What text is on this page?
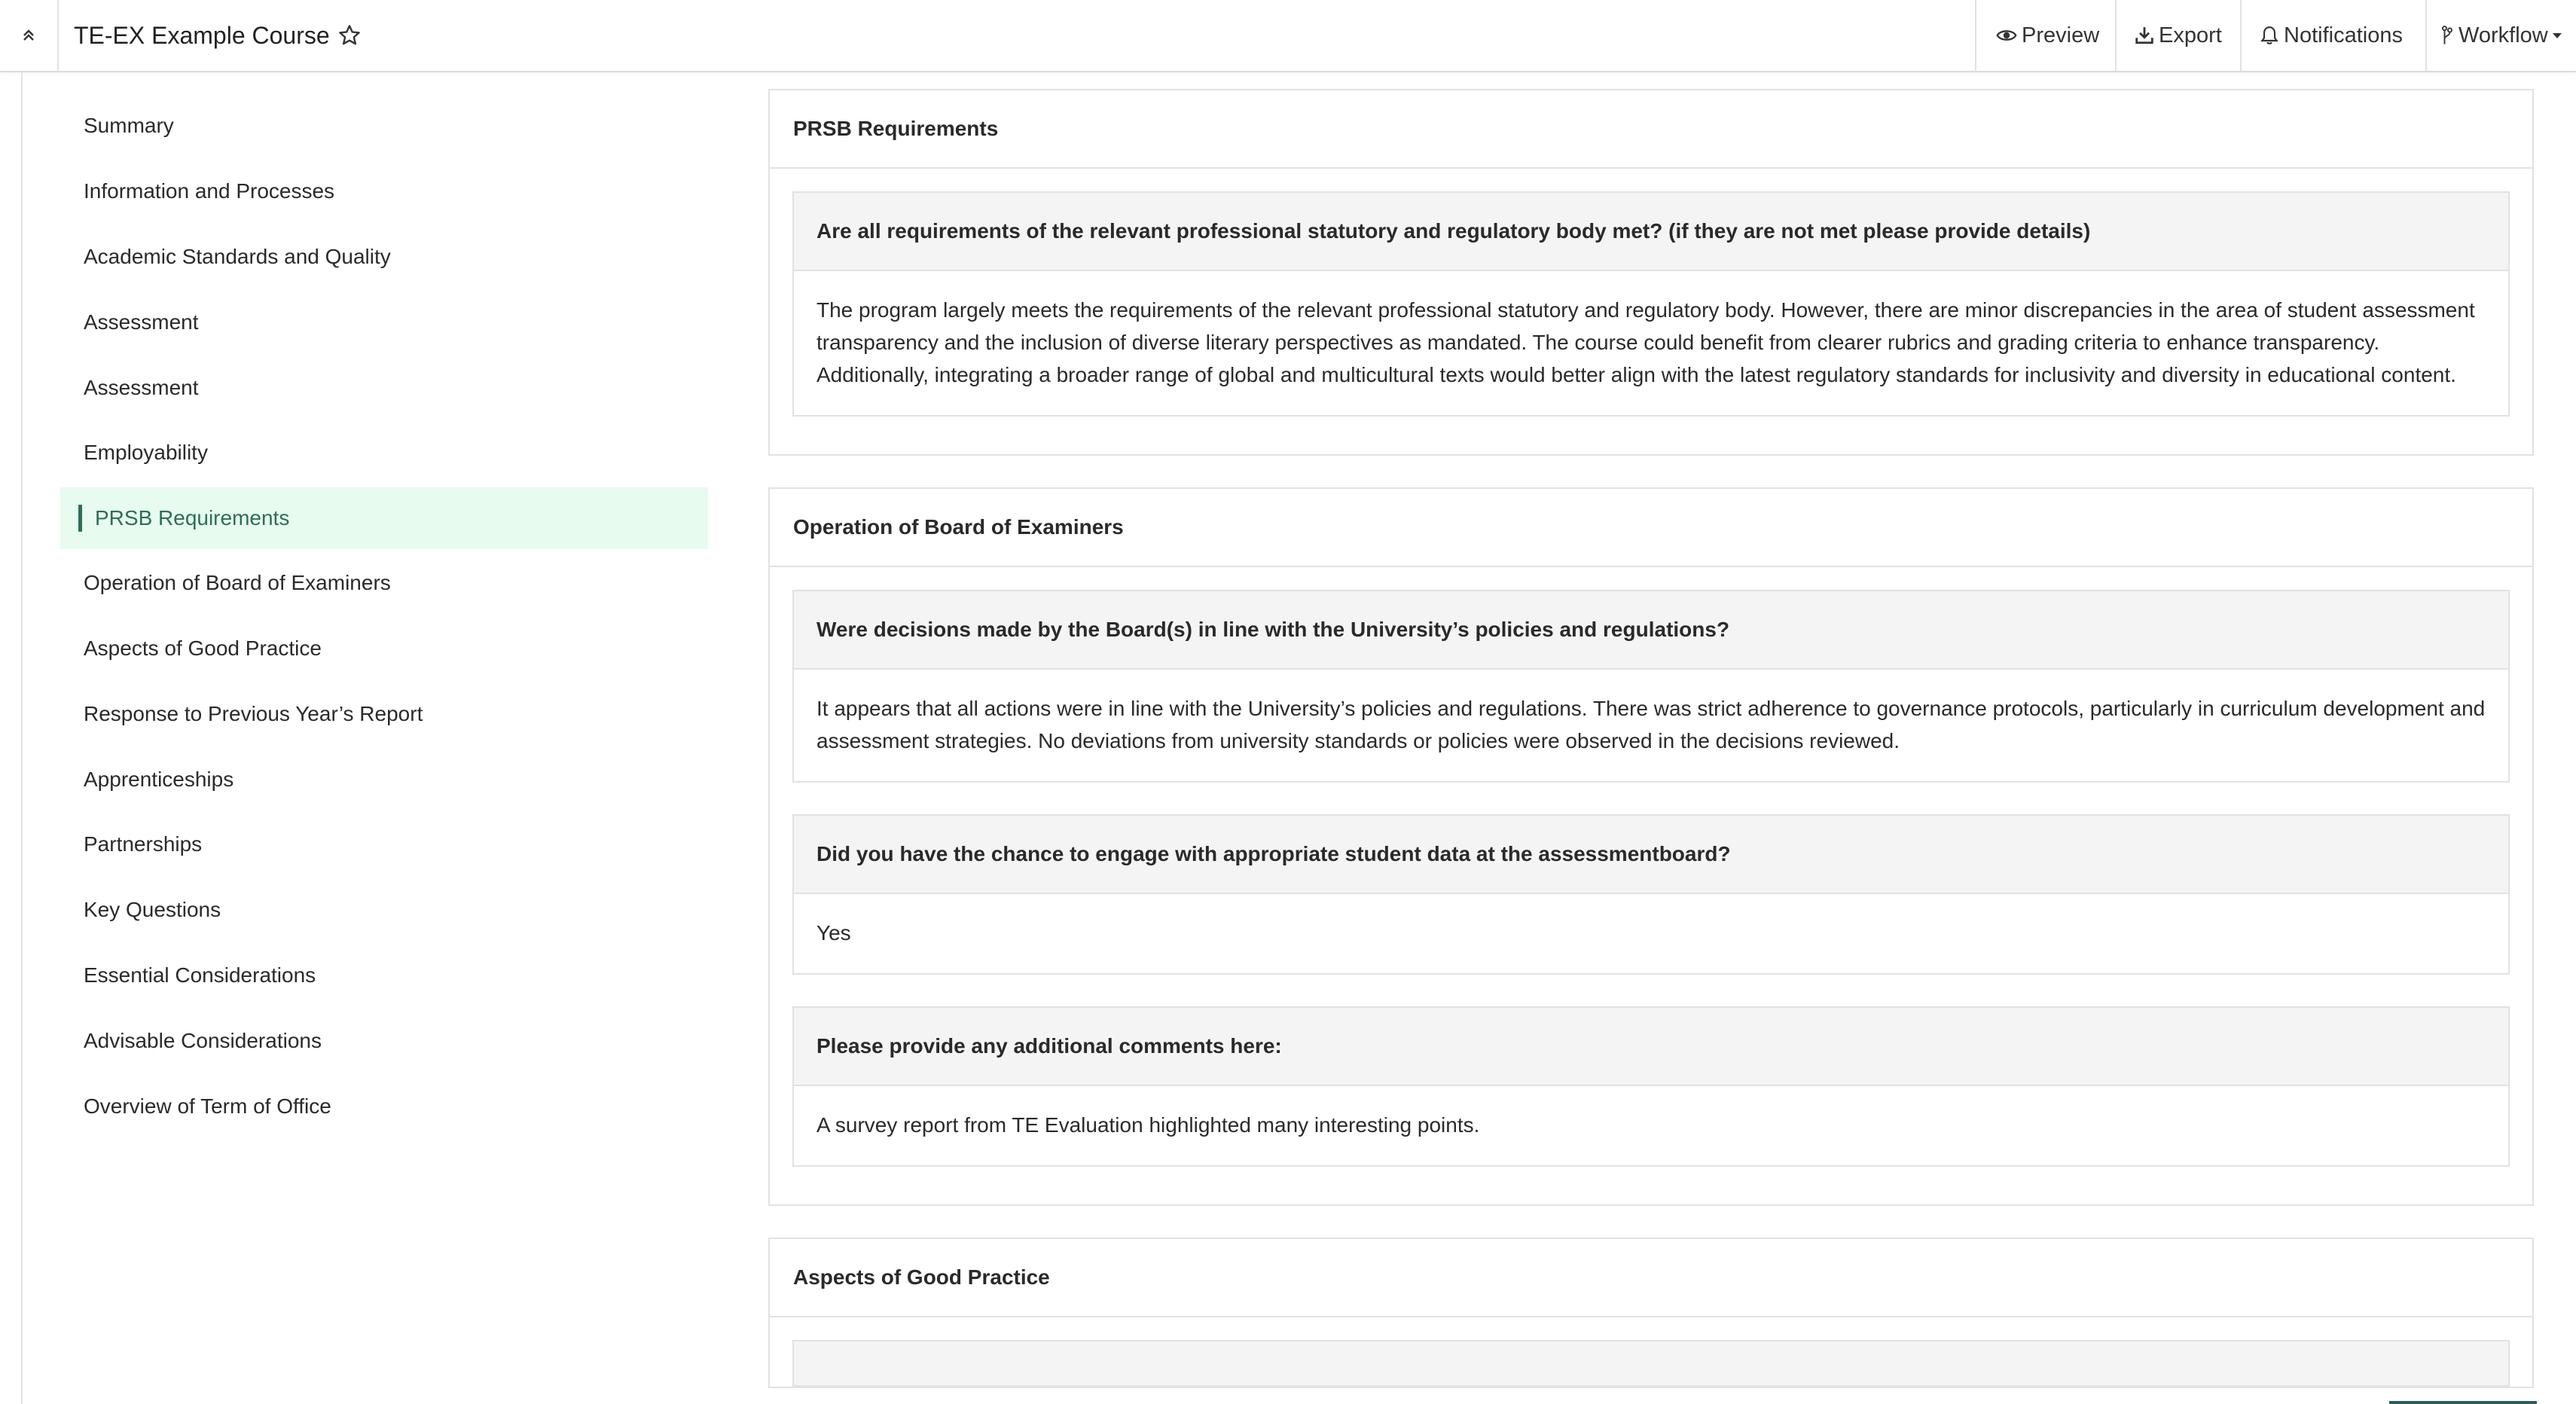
TE-EX Example Course	Preview	Export	Notifications	Workflow
Summary
Information and Processes
Academic Standards and Quality
Assessment
Assessment
Employability
PRSB Requirements
Operation of Board of Examiners
Aspects of Good Practice
Response to Previous Year’s Report
Apprenticeships
Partnerships
Key Questions
Essential Considerations
Advisable Considerations
Overview of Term of Office
PRSB Requirements
Are all requirements of the relevant professional statutory and regulatory body met? (if they are not met please provide details)
The program largely meets the requirements of the relevant professional statutory and regulatory body. However, there are minor discrepancies in the area of student assessment transparency and the inclusion of diverse literary perspectives as mandated. The course could benefit from clearer rubrics and grading criteria to enhance transparency. Additionally, integrating a broader range of global and multicultural texts would better align with the latest regulatory standards for inclusivity and diversity in educational content.
Operation of Board of Examiners
Were decisions made by the Board(s) in line with the University’s policies and regulations?
It appears that all actions were in line with the University’s policies and regulations. There was strict adherence to governance protocols, particularly in curriculum development and assessment strategies. No deviations from university standards or policies were observed in the decisions reviewed.
Did you have the chance to engage with appropriate student data at the assessmentboard?
Yes
Please provide any additional comments here:
A survey report from TE Evaluation highlighted many interesting points.
Aspects of Good Practice
